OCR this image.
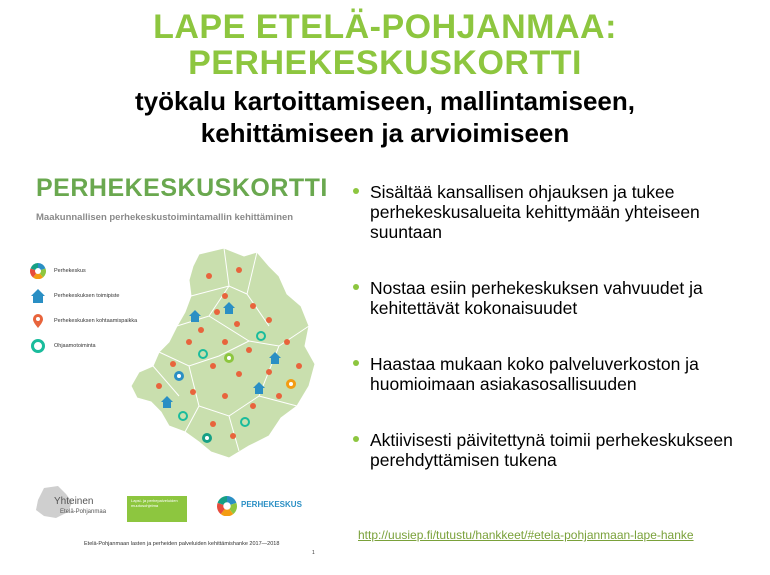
LAPE ETELÄ-POHJANMAA:
PERHEKESKUSKORTTI
työkalu kartoittamiseen, mallintamiseen,
kehittämiseen ja arvioimiseen
PERHEKESKUSKORTTI
Maakunnallisen perhekeskustoimintamallin kehittäminen
Perhekeskus
Perhekeskuksen toimipiste
Perhekeskuksen kohtaamispaikka
Ohjaamotoiminta
Yhteinen
Etelä-Pohjanmaa
Lapsi- ja perhepalveluiden muutosohjelma	PERHEKESKUS
Etelä-Pohjanmaan lasten ja perheiden palveluiden kehittämishanke 2017—2018
1
Sisältää kansallisen ohjauksen ja tukee perhekeskusalueita kehittymään yhteiseen suuntaan
Nostaa esiin perhekeskuksen vahvuudet ja kehitettävät kokonaisuudet
Haastaa mukaan koko palveluverkoston ja huomioimaan asiakasosallisuuden
Aktiivisesti päivitettynä toimii perhekeskukseen perehdyttämisen tukena
http://uusiep.fi/tutustu/hankkeet/#etela-pohjanmaan-lape-hanke
